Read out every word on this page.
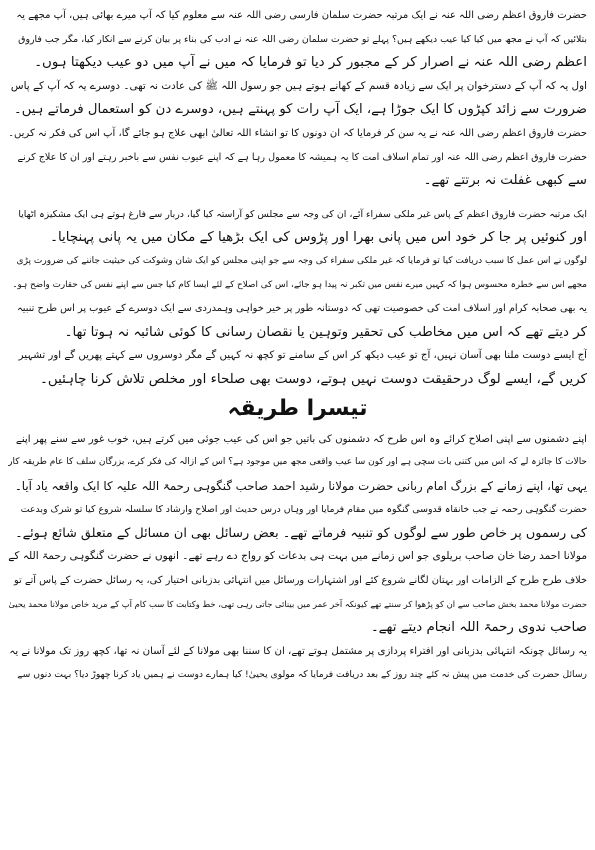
حضرت فاروق اعظم رضی اللہ عنہ نے ایک مرتبہ حضرت سلمان فارسی رضی اللہ عنہ سے معلوم کیا کہ آپ میرے بھائی ہیں، آپ مجھے یہ
بتلائیں کہ آپ نے مجھ میں کیا کیا عیب دیکھے ہیں؟ پہلے تو حضرت سلمان رضی اللہ عنہ نے ادب کی بناء پر بیان کرنے سے انکار کیا، مگر جب فاروق
اعظم رضی اللہ عنہ نے اصرار کر کے مجبور کر دیا تو فرمایا کہ میں نے آپ میں دو عیب دیکھتا ہوں۔
اول یہ کہ آپ کے دسترخوان پر ایک سے زیادہ قسم کے کھانے ہوتے ہیں جو رسول اللہ ﷺ کی عادت نہ تھی۔ دوسرے یہ کہ آپ کے پاس
ضرورت سے زائد کپڑوں کا ایک جوڑا ہے، ایک آپ رات کو پہنتے ہیں، دوسرے دن کو استعمال فرماتے ہیں۔
حضرت فاروق اعظم رضی اللہ عنہ نے یہ سن کر فرمایا کہ ان دونوں کا تو انشاء اللہ تعالیٰ ابھی علاج ہو جائے گا، آپ اس کی فکر نہ کریں۔
حضرت فاروق اعظم رضی اللہ عنہ اور تمام اسلاف امت کا یہ ہمیشہ کا معمول رہا ہے کہ اپنے عیوب نفس سے باخبر رہتے اور ان کا علاج کرنے
سے کبھی غفلت نہ برتتے تھے۔
ایک مرتبہ حضرت فاروق اعظم کے پاس غیر ملکی سفراء آئے، ان کی وجہ سے مجلس کو آراستہ کیا گیا، دربار سے فارغ ہوتے ہی ایک مشکیزہ اٹھایا
اور کنوئیں پر جا کر خود اس میں پانی بھرا اور پڑوس کی ایک بڑھیا کے مکان میں یہ پانی پہنچایا۔
لوگوں نے اس عمل کا سبب دریافت کیا تو فرمایا کہ غیر ملکی سفراء کی وجہ سے جو اپنی مجلس کو ایک شان وشوکت کی حیثیت جاننے کی ضرورت پڑی
مجھے اس سے خطرہ محسوس ہوا کہ کہیں میرے نفس میں تکبر نہ پیدا ہو جائے، اس کی اصلاح کے لئے ایسا کام کیا جس سے اپنے نفس کی حقارت واضح ہو۔
یہ بھی صحابہ کرام اور اسلاف امت کی خصوصیت تھی کہ دوستانہ طور پر خیر خواہی وہمدردی سے ایک دوسرے کے عیوب پر اس طرح تنبیہ
کر دیتے تھے کہ اس میں مخاطب کی تحقیر وتوہین یا نقصان رسانی کا کوئی شائبہ نہ ہوتا تھا۔
آج ایسے دوست ملنا بھی آسان نہیں، آج تو عیب دیکھ کر اس کے سامنے تو کچھ نہ کہیں گے مگر دوسروں سے کہتے پھریں گے اور تشہیر
کریں گے، ایسے لوگ درحقیقت دوست نہیں ہوتے، دوست بھی صلحاء اور مخلص تلاش کرنا چاہئیں۔
تیسرا طریقہ
اپنے دشمنوں سے اپنی اصلاح کرائے وہ اس طرح کہ دشمنوں کی باتیں جو اس کی عیب جوئی میں کرتے ہیں، خوب غور سے سنے پھر اپنے
حالات کا جائزہ لے کہ اس میں کتنی بات سچی ہے اور کون سا عیب واقعی مجھ میں موجود ہے؟ اس کے ازالہ کی فکر کرے، بزرگان سلف کا عام طریقہ کار
یہی تھا، اپنے زمانے کے بزرگ امام ربانی حضرت مولانا رشید احمد صاحب گنگوہی رحمۃ اللہ علیہ کا ایک واقعہ یاد آیا۔
حضرت گنگوہی رحمہ نے جب خانقاہ قدوسی گنگوہ میں مقام فرمایا اور وہاں درس حدیث اور اصلاح وارشاد کا سلسلہ شروع کیا تو شرک وبدعت
کی رسموں پر خاص طور سے لوگوں کو تنبیہ فرماتے تھے۔ بعض رسائل بھی ان مسائل کے متعلق شائع ہوئے۔
مولانا احمد رضا خان صاحب بریلوی جو اس زمانے میں بہت ہی بدعات کو رواج دے رہے تھے۔ انھوں نے حضرت گنگوہی رحمۃ اللہ کے
خلاف طرح طرح کے الزامات اور بہتان لگانے شروع کئے اور اشتہارات ورسائل میں انتہائی بدزبانی اختیار کی، یہ رسائل حضرت کے پاس آتے تو
حضرت مولانا محمد بخش صاحب سے ان کو پڑھوا کر سنتے تھے کیونکہ آخر عمر میں بینائی جاتی رہی تھی، خط وکتابت کا سب کام آپ کے مرید خاص مولانا محمد یحییٰ
صاحب ندوی رحمۃ اللہ انجام دیتے تھے۔
یہ رسائل چونکہ انتہائی بدزبانی اور افتراء پردازی پر مشتمل ہوتے تھے، ان کا سننا بھی مولانا کے لئے آسان نہ تھا، کچھ روز تک مولانا نے یہ
رسائل حضرت کی خدمت میں پیش نہ کئے چند روز کے بعد دریافت فرمایا کہ مولوی یحییٰ! کیا ہمارے دوست نے ہمیں یاد کرنا چھوڑ دیا؟ بہت دنوں سے
